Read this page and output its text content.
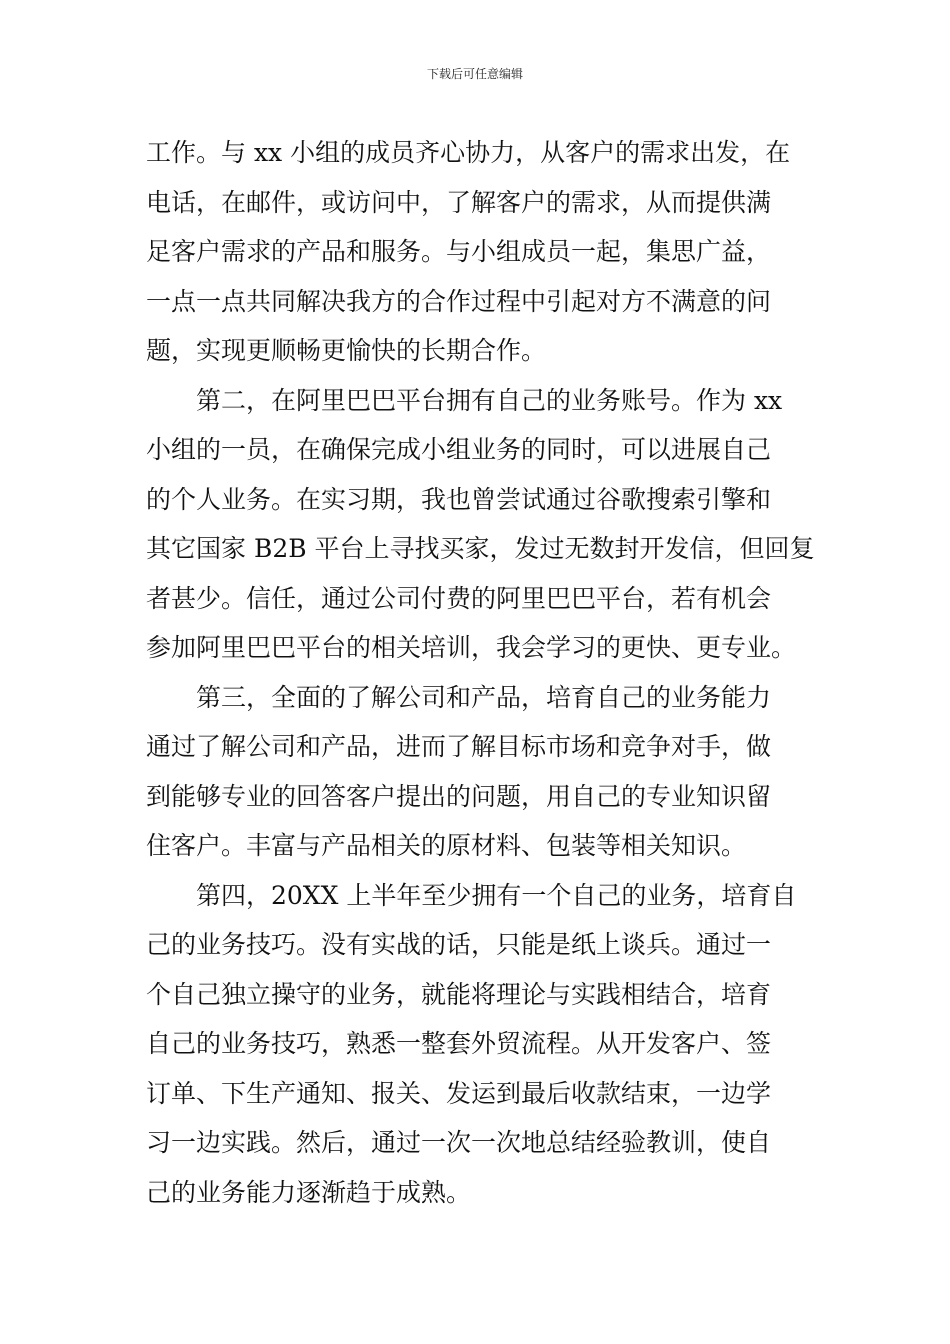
下载后可任意编辑

工作。与 xx 小组的成员齐心协力，从客户的需求出发，在

电话，在邮件，或访问中，了解客户的需求，从而提供满

足客户需求的产品和服务。与小组成员一起，集思广益，

一点一点共同解决我方的合作过程中引起对方不满意的问

题，实现更顺畅更愉快的长期合作。

　　第二，在阿里巴巴平台拥有自己的业务账号。作为 xx

小组的一员，在确保完成小组业务的同时，可以进展自己

的个人业务。在实习期，我也曾尝试通过谷歌搜索引擎和

其它国家 B2B 平台上寻找买家，发过无数封开发信，但回复

者甚少。信任，通过公司付费的阿里巴巴平台，若有机会

参加阿里巴巴平台的相关培训，我会学习的更快、更专业。

　　第三，全面的了解公司和产品，培育自己的业务能力

通过了解公司和产品，进而了解目标市场和竞争对手，做

到能够专业的回答客户提出的问题，用自己的专业知识留

住客户。丰富与产品相关的原材料、包装等相关知识。

　　第四，20XX 上半年至少拥有一个自己的业务，培育自

己的业务技巧。没有实战的话，只能是纸上谈兵。通过一

个自己独立操守的业务，就能将理论与实践相结合，培育

自己的业务技巧，熟悉一整套外贸流程。从开发客户、签

订单、下生产通知、报关、发运到最后收款结束，一边学

习一边实践。然后，通过一次一次地总结经验教训，使自

己的业务能力逐渐趋于成熟。
